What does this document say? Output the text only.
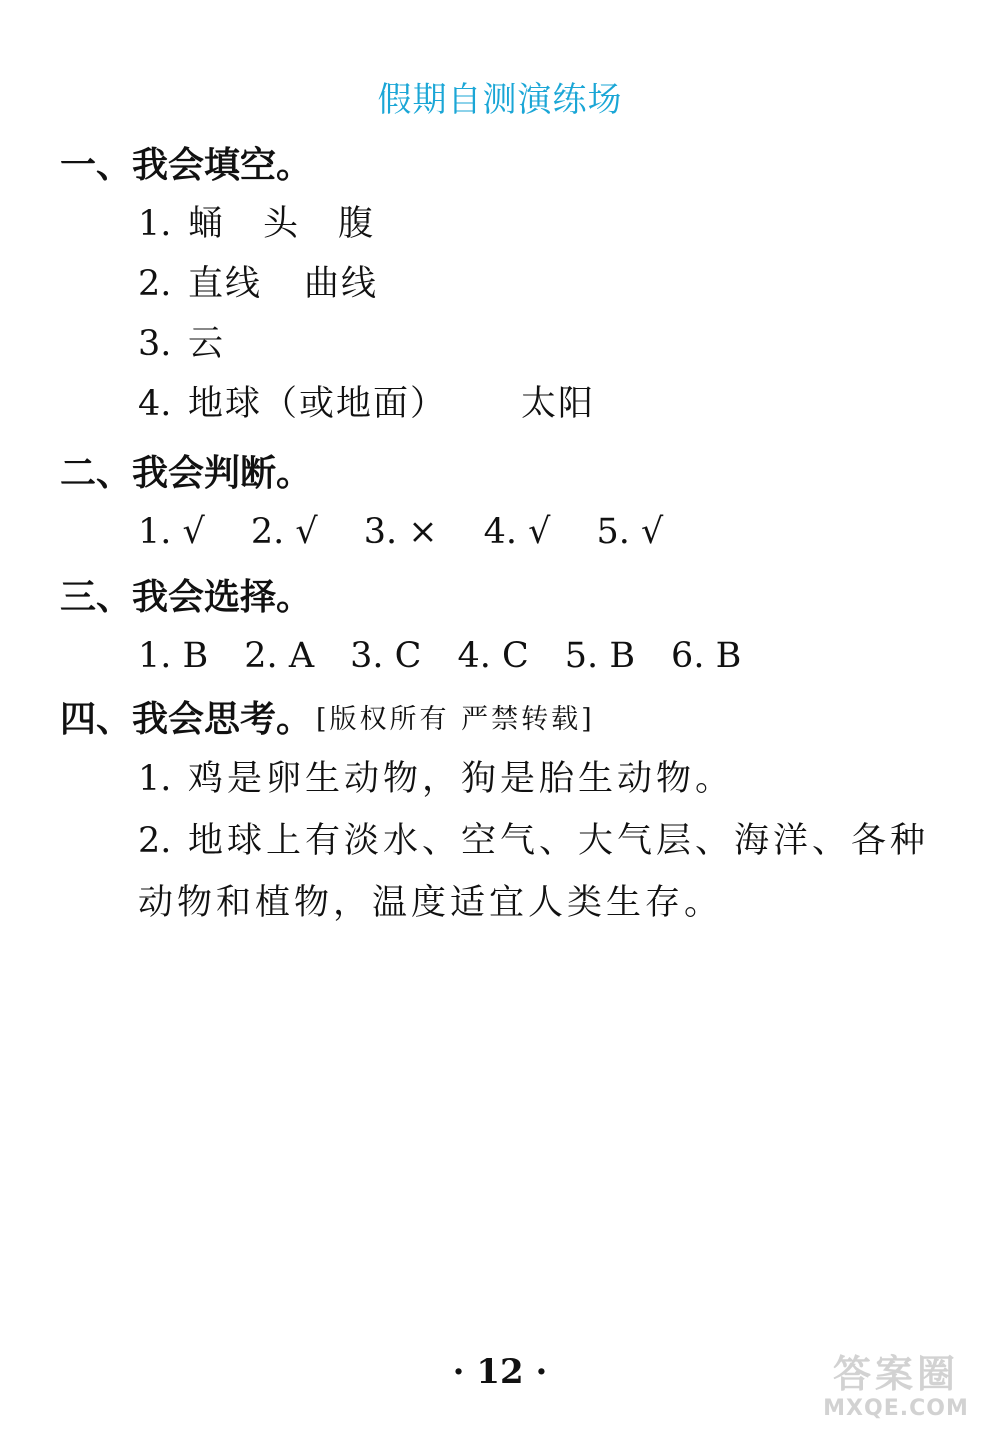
假期自测演练场
一、我会填空。
1. 蛹 头 腹
2. 直线 曲线
3. 云
4. 地球（或地面） 太阳
二、我会判断。
1. √ 2. √ 3. × 4. √ 5. √
三、我会选择。
1. B 2. A 3. C 4. C 5. B 6. B
四、我会思考。 [版权所有 严禁转载]
1. 鸡是卵生动物，狗是胎生动物。
2. 地球上有淡水、空气、大气层、海洋、各种动物和植物，温度适宜人类生存。
· 12 ·	答案圈
MXQE.COM
